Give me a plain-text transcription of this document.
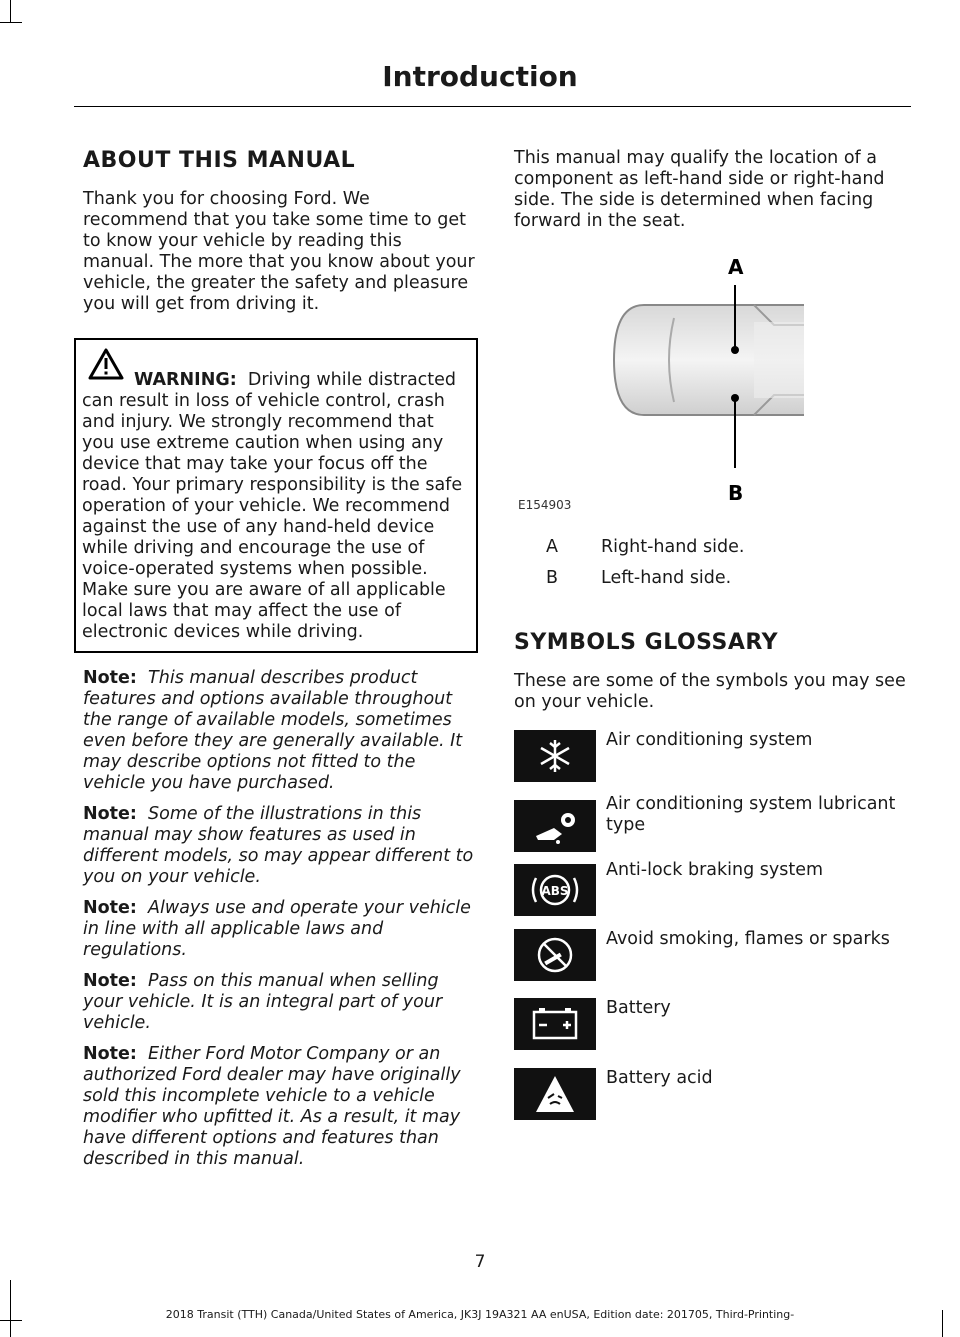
Introduction
ABOUT THIS MANUAL

Thank you for choosing Ford. We recommend that you take some time to get to know your vehicle by reading this manual. The more that you know about your vehicle, the greater the safety and pleasure you will get from driving it.

WARNING: Driving while distracted can result in loss of vehicle control, crash and injury. We strongly recommend that you use extreme caution when using any device that may take your focus off the road. Your primary responsibility is the safe operation of your vehicle. We recommend against the use of any hand-held device while driving and encourage the use of voice-operated systems when possible. Make sure you are aware of all applicable local laws that may affect the use of electronic devices while driving.

Note: This manual describes product features and options available throughout the range of available models, sometimes even before they are generally available. It may describe options not fitted to the vehicle you have purchased.

Note: Some of the illustrations in this manual may show features as used in different models, so may appear different to you on your vehicle.

Note: Always use and operate your vehicle in line with all applicable laws and regulations.

Note: Pass on this manual when selling your vehicle. It is an integral part of your vehicle.

Note: Either Ford Motor Company or an authorized Ford dealer may have originally sold this incomplete vehicle to a vehicle modifier who upfitted it. As a result, it may have different options and features than described in this manual.

This manual may qualify the location of a component as left-hand side or right-hand side. The side is determined when facing forward in the seat.

A
B
E154903
A Right-hand side.
B Left-hand side.
SYMBOLS GLOSSARY

These are some of the symbols you may see on your vehicle.

Air conditioning system
Air conditioning system lubricant type
ABS
Anti-lock braking system
Avoid smoking, flames or sparks
Battery
Battery acid
7
2018 Transit (TTH) Canada/United States of America, JK3J 19A321 AA enUSA, Edition date: 201705, Third-Printing-
